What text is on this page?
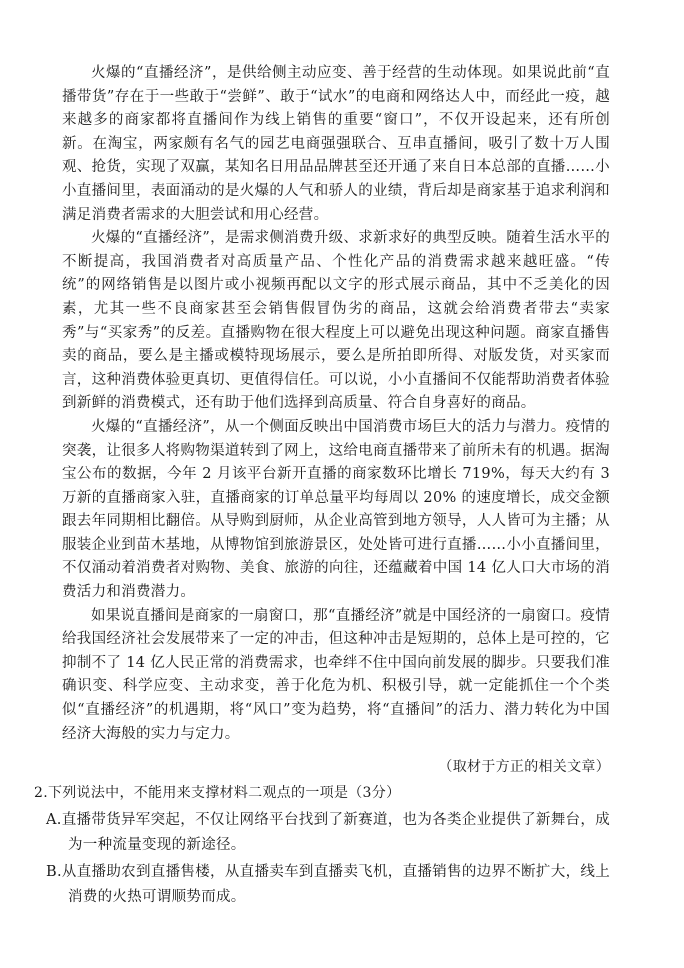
火爆的“直播经济”，是供给侧主动应变、善于经营的生动体现。如果说此前“直播带货”存在于一些敢于“尝鲜”、敢于“试水”的电商和网络达人中，而经此一疫，越来越多的商家都将直播间作为线上销售的重要“窗口”，不仅开设起来，还有所创新。在淘宝，两家颇有名气的园艺电商强强联合、互串直播间，吸引了数十万人围观、抢货，实现了双赢，某知名日用品品牌甚至还开通了来自日本总部的直播……小小直播间里，表面涌动的是火爆的人气和骄人的业绩，背后却是商家基于追求利润和满足消费者需求的大胆尝试和用心经营。

火爆的“直播经济”，是需求侧消费升级、求新求好的典型反映。随着生活水平的不断提高，我国消费者对高质量产品、个性化产品的消费需求越来越旺盛。“传统”的网络销售是以图片或小视频再配以文字的形式展示商品，其中不乏美化的因素，尤其一些不良商家甚至会销售假冒伪劣的商品，这就会给消费者带去“卖家秀”与“买家秀”的反差。直播购物在很大程度上可以避免出现这种问题。商家直播售卖的商品，要么是主播或模特现场展示，要么是所拍即所得、对版发货，对买家而言，这种消费体验更真切、更值得信任。可以说，小小直播间不仅能帮助消费者体验到新鲜的消费模式，还有助于他们选择到高质量、符合自身喜好的商品。

火爆的“直播经济”，从一个侧面反映出中国消费市场巨大的活力与潜力。疫情的突袭，让很多人将购物渠道转到了网上，这给电商直播带来了前所未有的机遇。据淘宝公布的数据，今年 2 月该平台新开直播的商家数环比增长 719%，每天大约有 3 万新的直播商家入驻，直播商家的订单总量平均每周以 20% 的速度增长，成交金额跟去年同期相比翻倍。从导购到厨师，从企业高管到地方领导，人人皆可为主播；从服装企业到苗木基地，从博物馆到旅游景区，处处皆可进行直播……小小直播间里，不仅涌动着消费者对购物、美食、旅游的向往，还蕴藏着中国 14 亿人口大市场的消费活力和消费潜力。

如果说直播间是商家的一扇窗口，那“直播经济”就是中国经济的一扇窗口。疫情给我国经济社会发展带来了一定的冲击，但这种冲击是短期的，总体上是可控的，它抑制不了 14 亿人民正常的消费需求，也牵绊不住中国向前发展的脚步。只要我们准确识变、科学应变、主动求变，善于化危为机、积极引导，就一定能抓住一个个类似“直播经济”的机遇期，将“风口”变为趋势，将“直播间”的活力、潜力转化为中国经济大海般的实力与定力。

（取材于方正的相关文章）

2.下列说法中，不能用来支撑材料二观点的一项是（3分）

A.直播带货异军突起，不仅让网络平台找到了新赛道，也为各类企业提供了新舞台，成为一种流量变现的新途径。

B.从直播助农到直播售楼，从直播卖车到直播卖飞机，直播销售的边界不断扩大，线上消费的火热可谓顺势而成。
